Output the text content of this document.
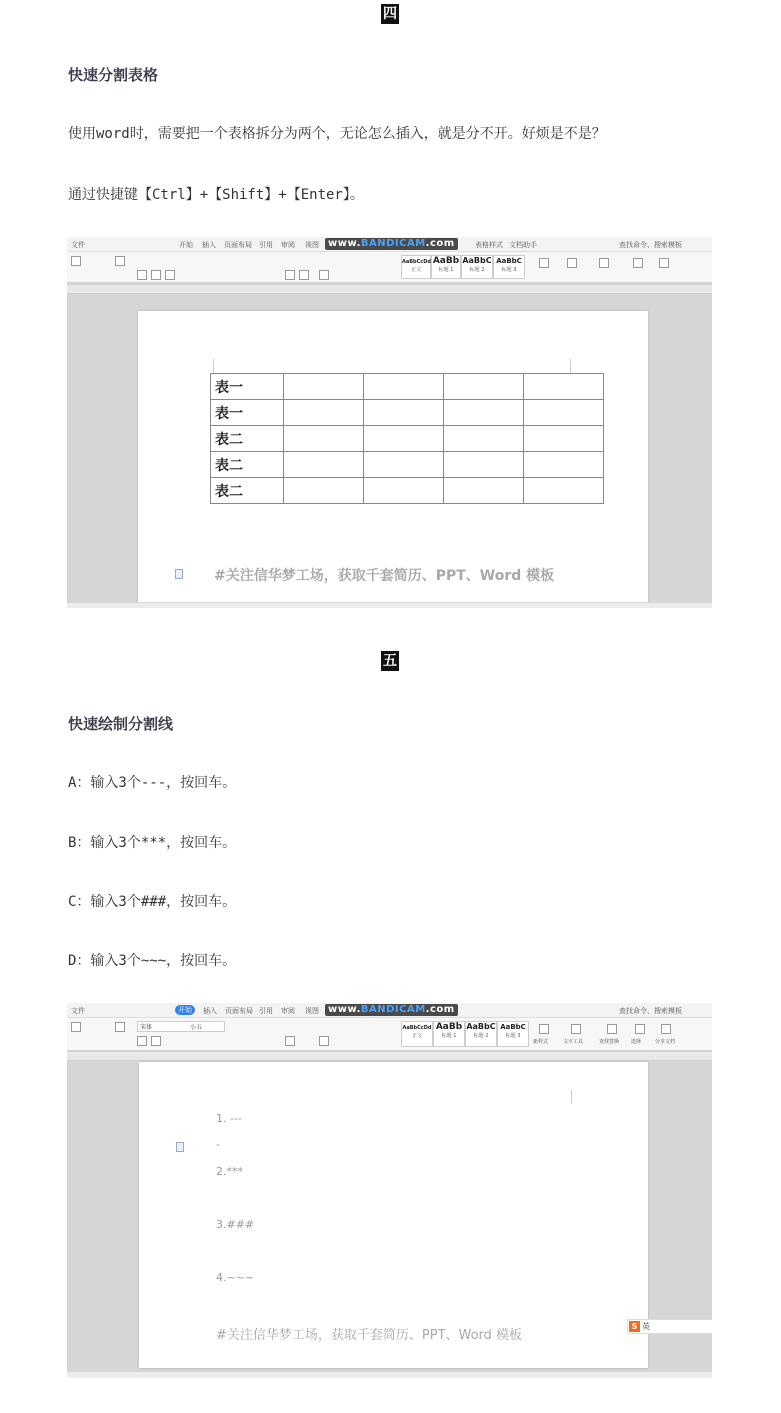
四
快速分割表格
使用word时，需要把一个表格拆分为两个，无论怎么插入，就是分不开。好烦是不是？
通过快捷键【Ctrl】+【Shift】+【Enter】。
文件	开始 插入 页面布局 引用 审阅 视图	表格样式 文档助手	查找命令、搜索模板
www.BANDICAM.com
AaBbCcDd
正文
AaBb
标题 1
AaBbC
标题 2
AaBbC
标题 3
表一				
表一				
表二				
表二				
表二				
#关注信华梦工场，获取千套简历、PPT、Word 模板
五
快速绘制分割线
A：输入3个---，按回车。
B：输入3个***，按回车。
C：输入3个###，按回车。
D：输入3个~~~，按回车。
文件	开始	插入 页面布局 引用 审阅 视图	查找命令、搜索模板
www.BANDICAM.com
宋体	小五	AaBbCcDd
正文
AaBb
标题 1
AaBbC
标题 2
AaBbC
标题 3
新样式	文字工具	查找替换 选择	分享文档
1. ---
-
2.***
3.###
4.~~~
#关注信华梦工场，获取千套简历、PPT、Word 模板
S 英
